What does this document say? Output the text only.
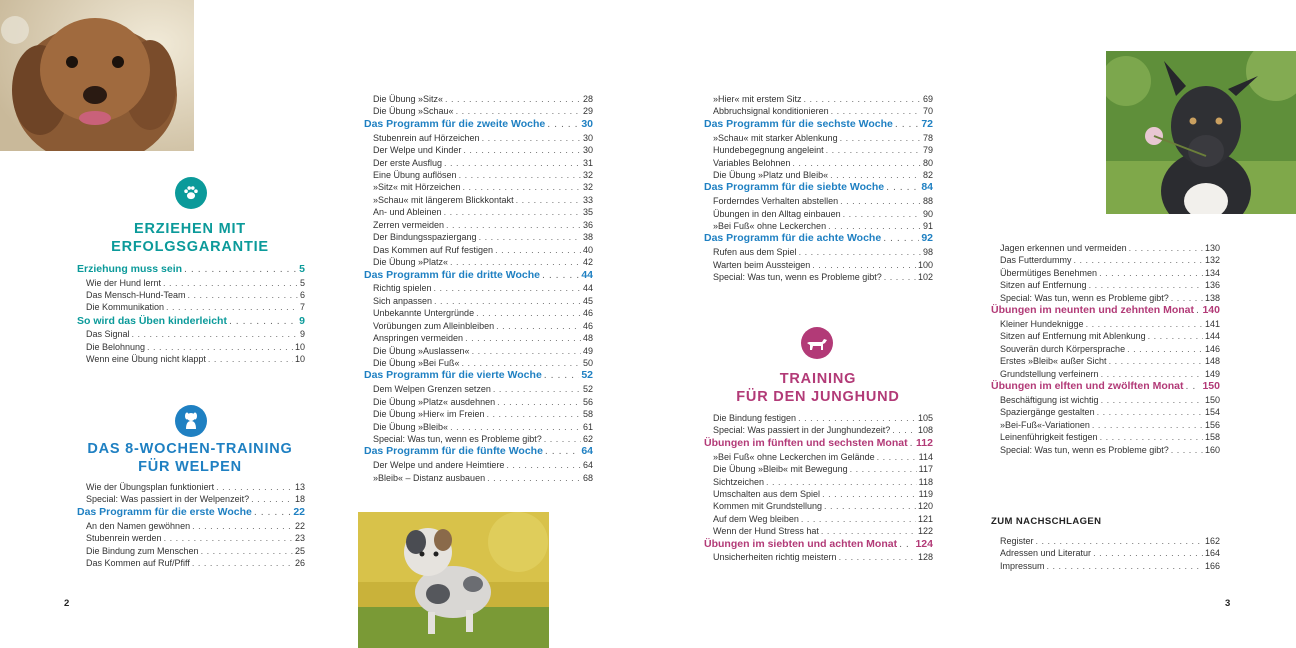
ERZIEHEN MIT
ERFOLGSGARANTIE
Erziehung muss sein . . .	5
Wie der Hund lernt . . .	5
Das Mensch-Hund-Team . . .	6
Die Kommunikation . . .	7
So wird das Üben kinderleicht . . .	9
Das Signal . . .	9
Die Belohnung . . .	10
Wenn eine Übung nicht klappt . . .	10
DAS 8-WOCHEN-TRAINING
FÜR WELPEN
Wie der Übungsplan funktioniert . . .	13
Special: Was passiert in der Welpenzeit? . . .	18
Das Programm für die erste Woche . . .	22
An den Namen gewöhnen . . .	22
Stubenrein werden . . .	23
Die Bindung zum Menschen . . .	25
Das Kommen auf Ruf/Pfiff . . .	26
Die Übung »Sitz« . . .	28
Die Übung »Schau« . . .	29
Das Programm für die zweite Woche . . .	30
Stubenrein auf Hörzeichen . . .	30
Der Welpe und Kinder . . .	30
Der erste Ausflug . . .	31
Eine Übung auflösen . . .	32
»Sitz« mit Hörzeichen . . .	32
»Schau« mit längerem Blickkontakt . . .	33
An- und Ableinen . . .	35
Zerren vermeiden . . .	36
Der Bindungsspaziergang . . .	38
Das Kommen auf Ruf festigen . . .	40
Die Übung »Platz« . . .	42
Das Programm für die dritte Woche . . .	44
Richtig spielen . . .	44
Sich anpassen . . .	45
Unbekannte Untergründe . . .	46
Vorübungen zum Alleinbleiben . . .	46
Anspringen vermeiden . . .	48
Die Übung »Auslassen« . . .	49
Die Übung »Bei Fuß« . . .	50
Das Programm für die vierte Woche . . .	52
Dem Welpen Grenzen setzen . . .	52
Die Übung »Platz« ausdehnen . . .	56
Die Übung »Hier« im Freien . . .	58
Die Übung »Bleib« . . .	61
Special: Was tun, wenn es Probleme gibt? . . .	62
Das Programm für die fünfte Woche . . .	64
Der Welpe und andere Heimtiere . . .	64
»Bleib« – Distanz ausbauen . . .	68
»Hier« mit erstem Sitz . . .	69
Abbruchsignal konditionieren . . .	70
Das Programm für die sechste Woche . . .	72
»Schau« mit starker Ablenkung . . .	78
Hundebegegnung angeleint . . .	79
Variables Belohnen . . .	80
Die Übung »Platz und Bleib« . . .	82
Das Programm für die siebte Woche . . .	84
Forderndes Verhalten abstellen . . .	88
Übungen in den Alltag einbauen . . .	90
»Bei Fuß« ohne Leckerchen . . .	91
Das Programm für die achte Woche . . .	92
Rufen aus dem Spiel . . .	98
Warten beim Aussteigen . . .	100
Special: Was tun, wenn es Probleme gibt? . . .	102
TRAINING
FÜR DEN JUNGHUND
Die Bindung festigen . . .	105
Special: Was passiert in der Junghundezeit? . . .	108
Übungen im fünften und sechsten Monat . . . 112
»Bei Fuß« ohne Leckerchen im Gelände . . .	114
Die Übung »Bleib« mit Bewegung . . .	117
Sichtzeichen . . .	118
Umschalten aus dem Spiel . . .	119
Kommen mit Grundstellung . . .	120
Auf dem Weg bleiben . . .	121
Wenn der Hund Stress hat . . .	122
Übungen im siebten und achten Monat . . . 124
Unsicherheiten richtig meistern . . .	128
Jagen erkennen und vermeiden . . .	130
Das Futterdummy . . .	132
Übermütiges Benehmen . . .	134
Sitzen auf Entfernung . . .	136
Special: Was tun, wenn es Probleme gibt? . . .	138
Übungen im neunten und zehnten Monat . . . 140
Kleiner Hundeknigge . . .	141
Sitzen auf Entfernung mit Ablenkung . . .	144
Souverän durch Körpersprache . . .	146
Erstes »Bleib« außer Sicht . . .	148
Grundstellung verfeinern . . .	149
Übungen im elften und zwölften Monat . . . 150
Beschäftigung ist wichtig . . .	150
Spaziergänge gestalten . . .	154
»Bei-Fuß«-Variationen . . .	156
Leinenführigkeit festigen . . .	158
Special: Was tun, wenn es Probleme gibt? . . .	160
ZUM NACHSCHLAGEN
Register . . .	162
Adressen und Literatur . . .	164
Impressum . . .	166
2	3
